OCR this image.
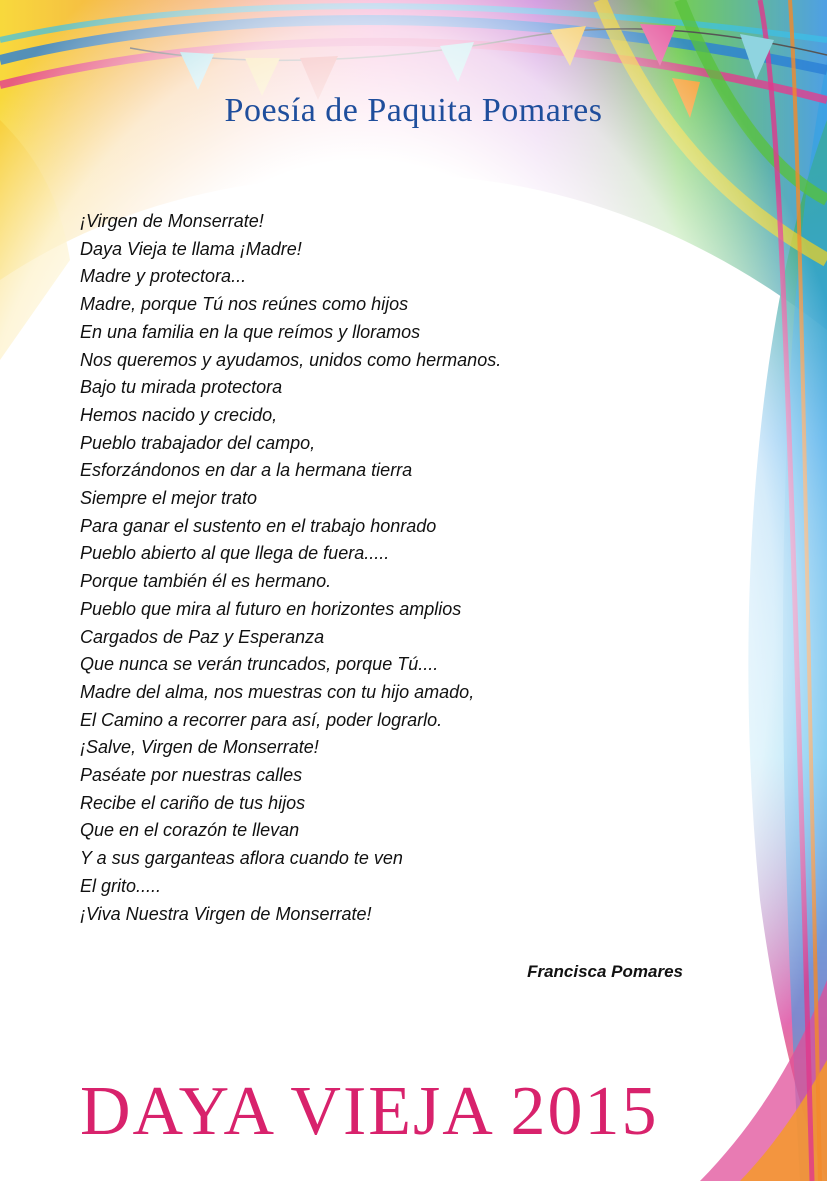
Poesía de Paquita Pomares
¡Virgen de Monserrate!
Daya Vieja te llama ¡Madre!
Madre y protectora...
Madre, porque Tú nos reúnes como hijos
En una familia en la que reímos y lloramos
Nos queremos y ayudamos, unidos como hermanos.
Bajo tu mirada protectora
Hemos nacido y crecido,
Pueblo trabajador del campo,
Esforzándonos en dar a la hermana tierra
Siempre el mejor trato
Para ganar el sustento en el trabajo honrado
Pueblo abierto al que llega de fuera.....
Porque también él es hermano.
Pueblo que mira al futuro en horizontes amplios
Cargados de Paz y Esperanza
Que nunca se verán truncados, porque Tú....
Madre del alma, nos muestras con tu hijo amado,
El Camino a recorrer para así, poder lograrlo.
¡Salve, Virgen de Monserrate!
Paséate por nuestras calles
Recibe el cariño de tus hijos
Que en el corazón te llevan
Y a sus garganteas aflora cuando te ven
El grito.....
¡Viva Nuestra Virgen de Monserrate!
Francisca Pomares
DAYA VIEJA 2015
